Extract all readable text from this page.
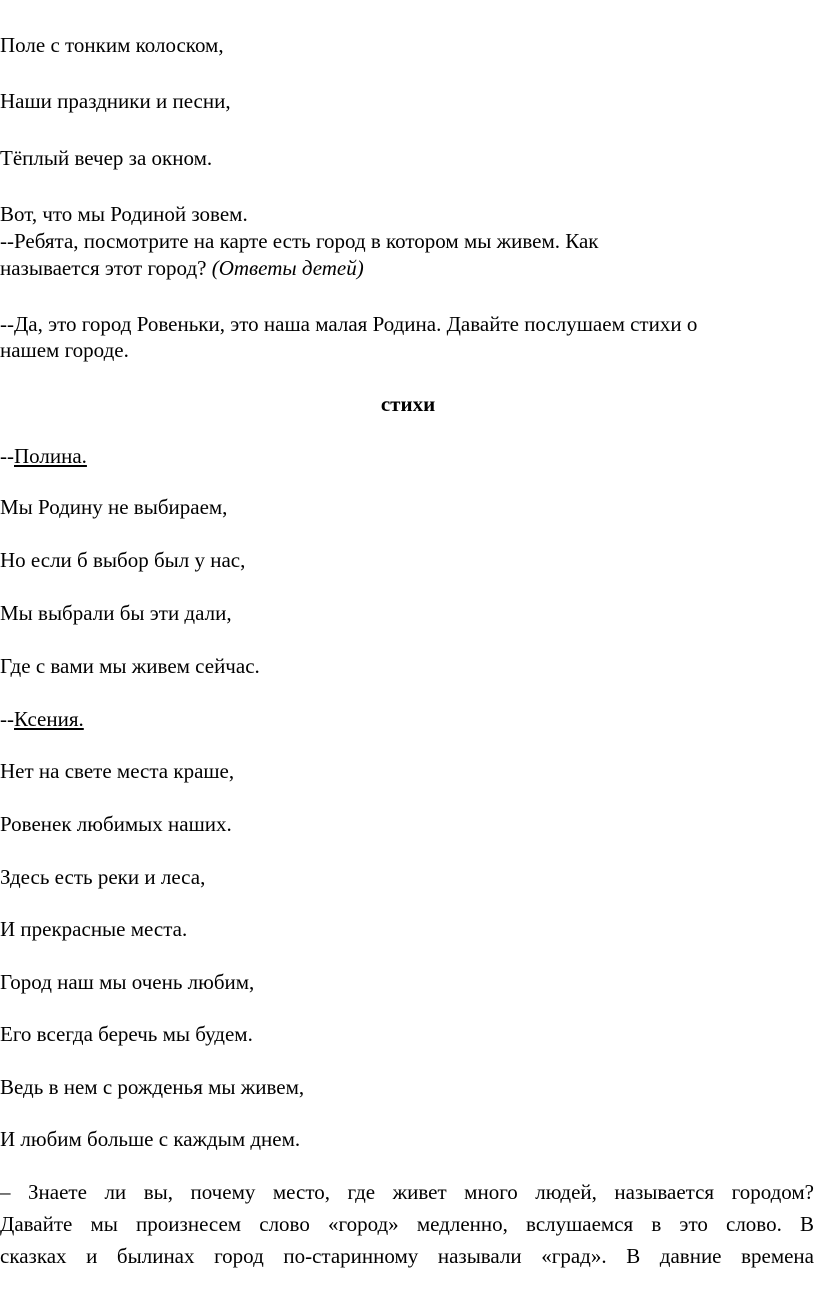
Поле с тонким колоском,
Наши праздники и песни,
Тёплый вечер за окном.
Вот, что мы Родиной зовем.
--Ребята, посмотрите на карте есть город в котором мы живем. Как
называется этот город? (Ответы детей)
--Да, это город Ровеньки, это наша малая Родина. Давайте послушаем стихи о
нашем городе.
стихи
--Полина.
Мы Родину не выбираем,
Но если б выбор был у нас,
Мы выбрали бы эти дали,
Где с вами мы живем сейчас.
--Ксения.
Нет на свете места краше,
Ровенек любимых наших.
Здесь есть реки и леса,
И прекрасные места.
Город наш мы очень любим,
Его всегда беречь мы будем.
Ведь в нем с рожденья мы живем,
И любим больше с каждым днем.
– Знаете ли вы, почему место, где живет много людей, называется городом?
Давайте мы произнесем слово «город» медленно, вслушаемся в это слово. В
сказках и былинах город по-старинному называли «град». В давние времена
